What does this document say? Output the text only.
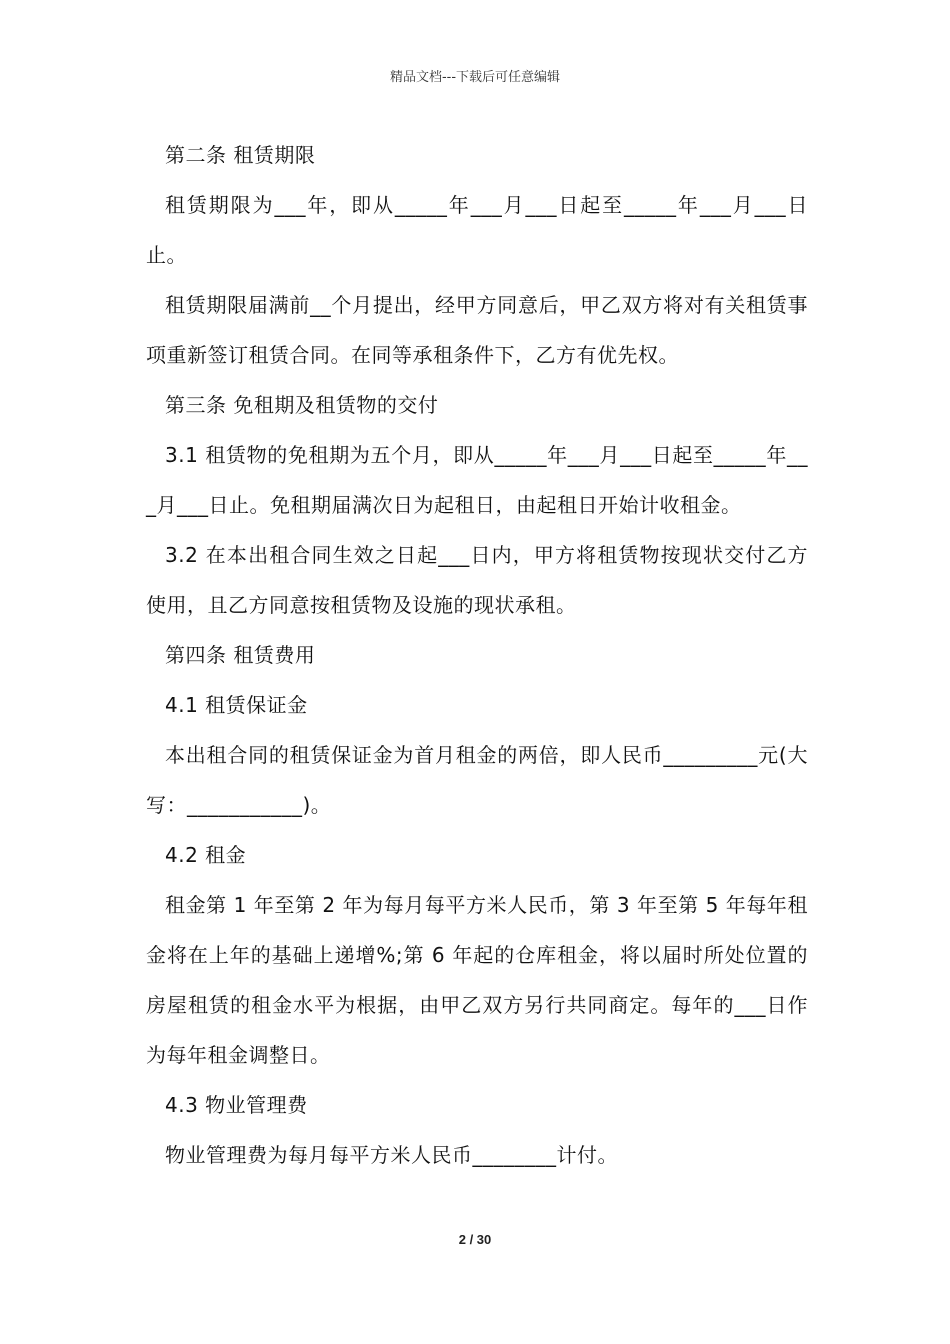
精品文档---下载后可任意编辑

第二条 租赁期限

租赁期限为___年，即从_____年___月___日起至_____年___月___日止。

租赁期限届满前__个月提出，经甲方同意后，甲乙双方将对有关租赁事项重新签订租赁合同。在同等承租条件下，乙方有优先权。

第三条 免租期及租赁物的交付

3.1 租赁物的免租期为五个月，即从_____年___月___日起至_____年___月___日止。免租期届满次日为起租日，由起租日开始计收租金。

3.2 在本出租合同生效之日起___日内，甲方将租赁物按现状交付乙方使用，且乙方同意按租赁物及设施的现状承租。

第四条 租赁费用

4.1 租赁保证金

本出租合同的租赁保证金为首月租金的两倍，即人民币_________元(大写：___________)。

4.2 租金

租金第 1 年至第 2 年为每月每平方米人民币，第 3 年至第 5 年每年租金将在上年的基础上递增%;第 6 年起的仓库租金，将以届时所处位置的房屋租赁的租金水平为根据，由甲乙双方另行共同商定。每年的___日作为每年租金调整日。

4.3 物业管理费

物业管理费为每月每平方米人民币________计付。

2 / 30
